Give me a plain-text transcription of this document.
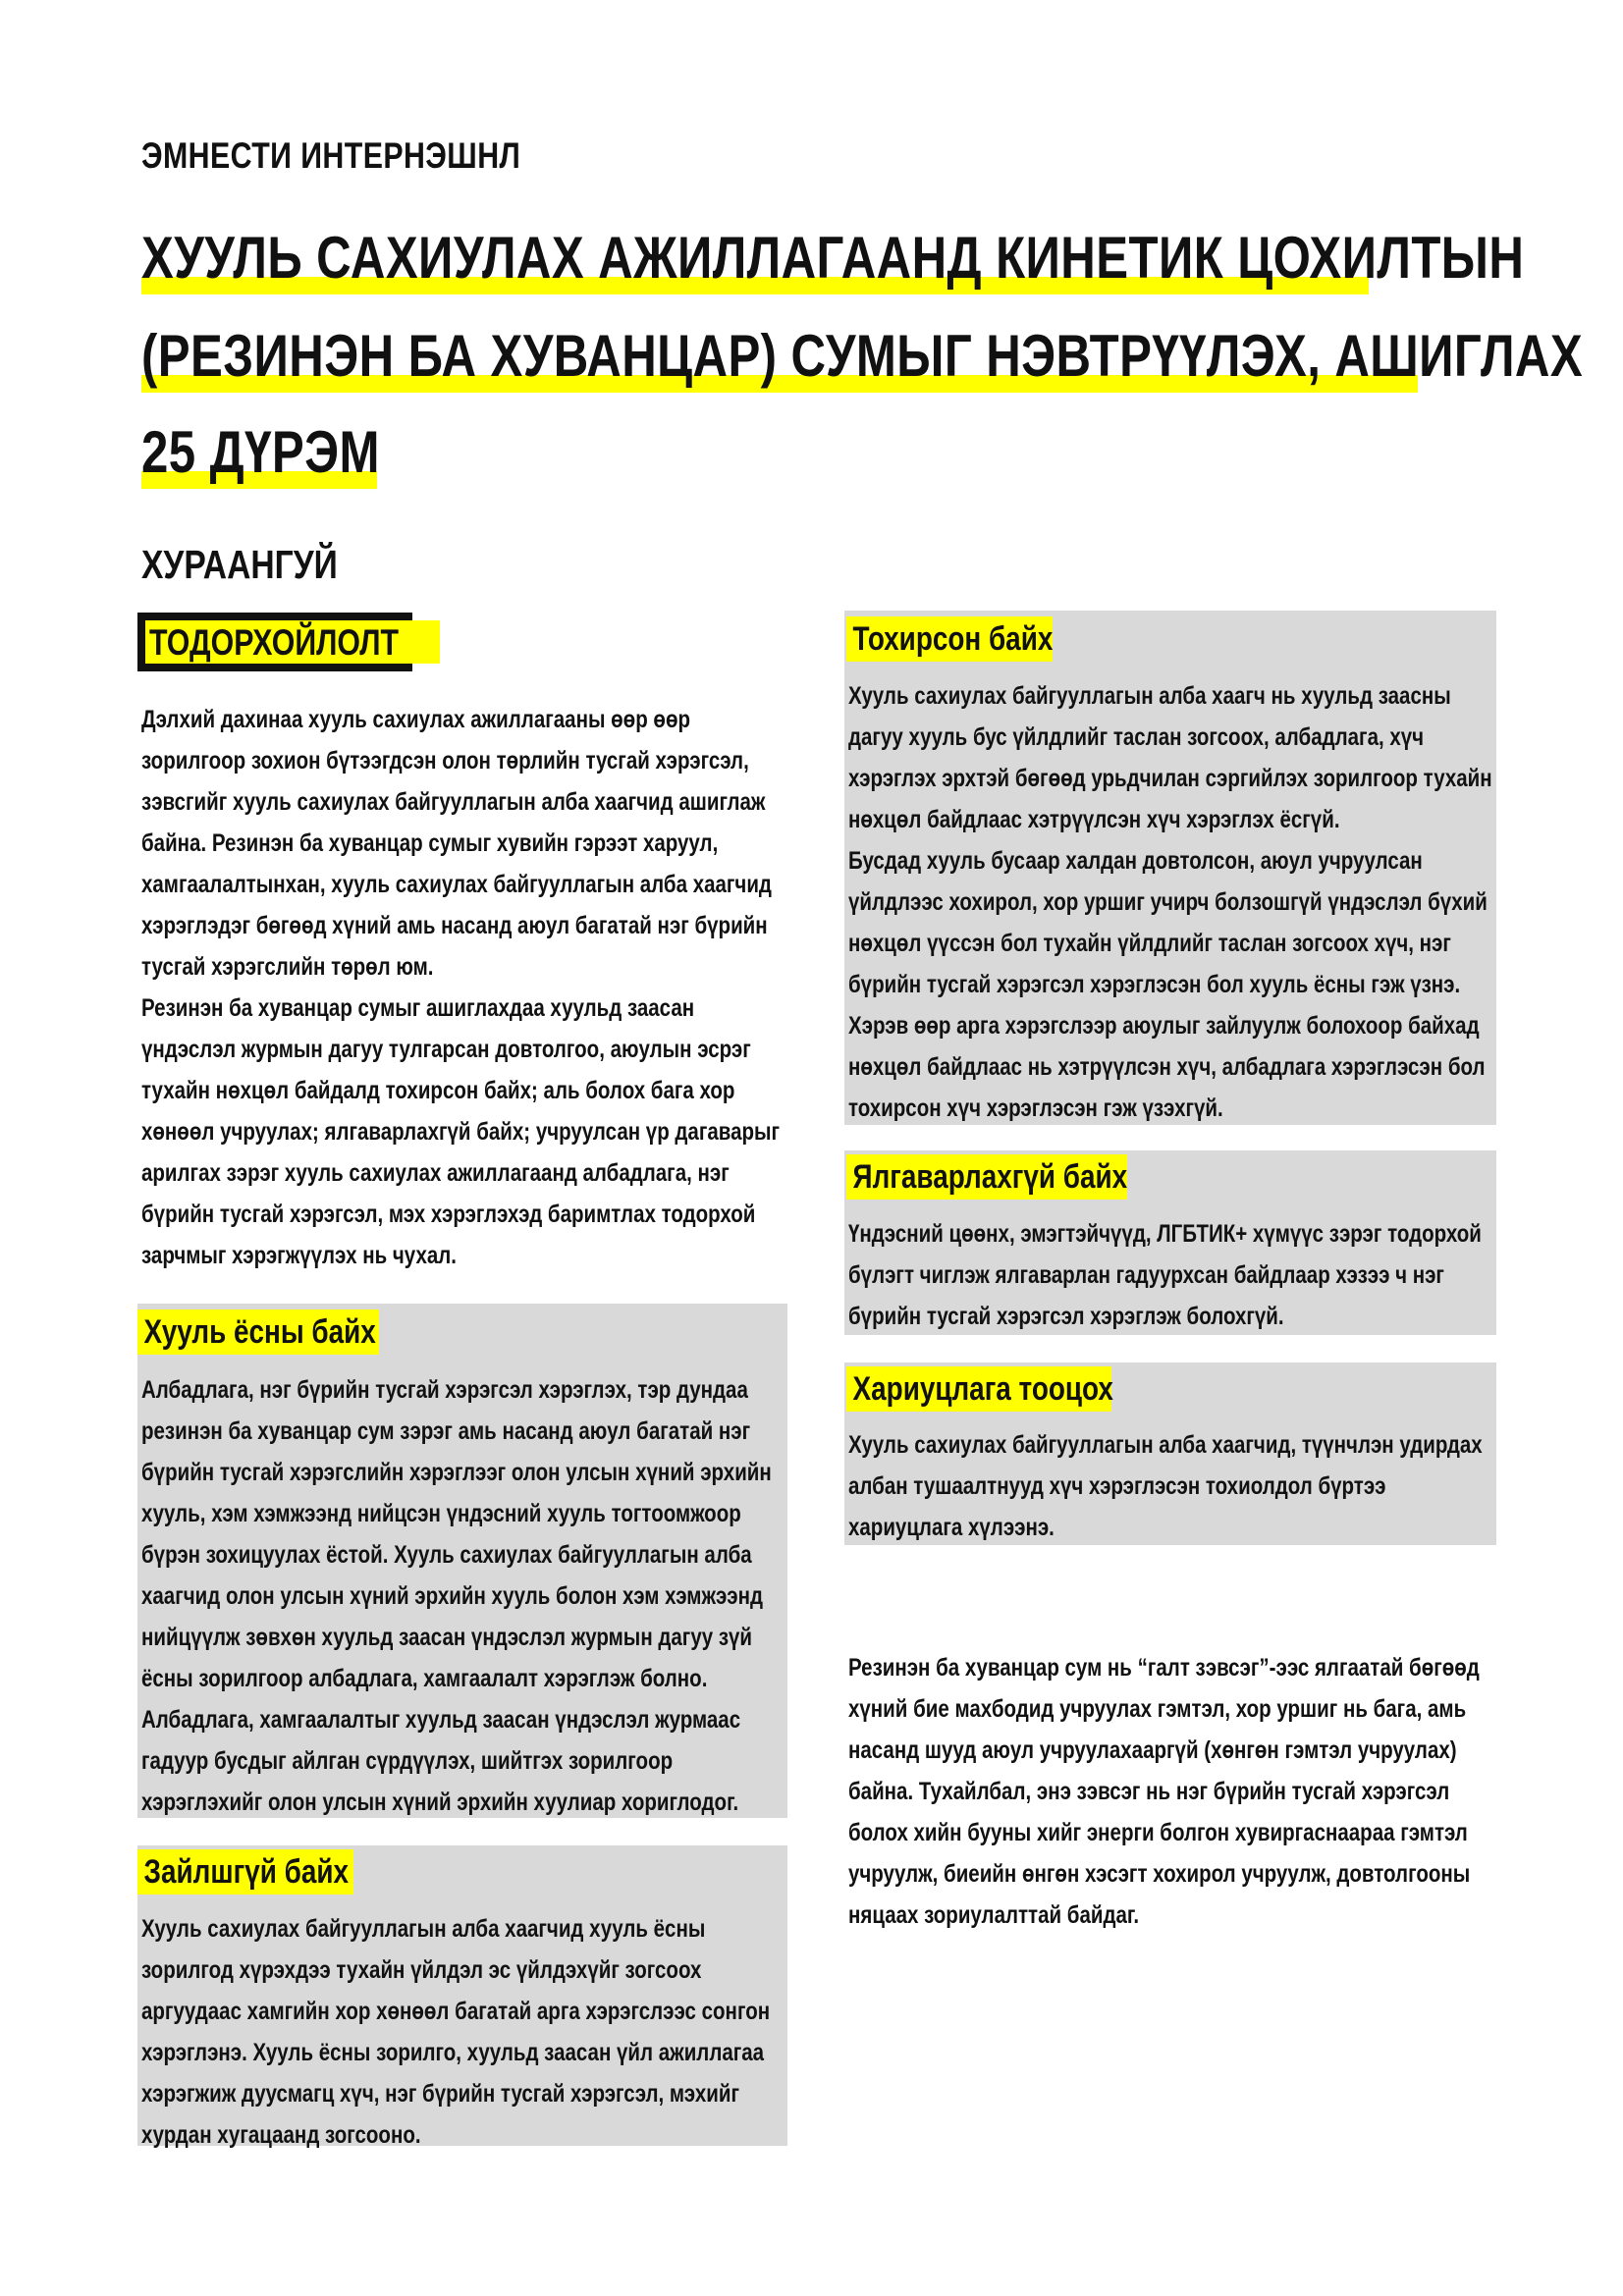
ЭМНЕСТИ ИНТЕРНЭШНЛ
ХУУЛЬ САХИУЛАХ АЖИЛЛАГААНД КИНЕТИК ЦОХИЛТЫН
(РЕЗИНЭН БА ХУВАНЦАР) СУМЫГ НЭВТРҮҮЛЭХ, АШИГЛАХ
25 ДҮРЭМ
ХУРААНГУЙ
ТОДОРХОЙЛОЛТ
Дэлхий дахинаа хууль сахиулах ажиллагааны өөр өөр
зорилгоор зохион бүтээгдсэн олон төрлийн тусгай хэрэгсэл,
зэвсгийг хууль сахиулах байгууллагын алба хаагчид ашиглаж
байна. Резинэн ба хуванцар сумыг хувийн гэрээт харуул,
хамгаалалтынхан, хууль сахиулах байгууллагын алба хаагчид
хэрэглэдэг бөгөөд хүний амь насанд аюул багатай нэг бүрийн
тусгай хэрэгслийн төрөл юм.
Резинэн ба хуванцар сумыг ашиглахдаа хуульд заасан
үндэслэл журмын дагуу тулгарсан довтолгоо, аюулын эсрэг
тухайн нөхцөл байдалд тохирсон байх; аль болох бага хор
хөнөөл учруулах; ялгаварлахгүй байх; учруулсан үр дагаварыг
арилгах зэрэг хууль сахиулах ажиллагаанд албадлага, нэг
бүрийн тусгай хэрэгсэл, мэх хэрэглэхэд баримтлах тодорхой
зарчмыг хэрэгжүүлэх нь чухал.
Хууль ёсны байх
Албадлага, нэг бүрийн тусгай хэрэгсэл хэрэглэх, тэр дундаа
резинэн ба хуванцар сум зэрэг амь насанд аюул багатай нэг
бүрийн тусгай хэрэгслийн хэрэглээг олон улсын хүний эрхийн
хууль, хэм хэмжээнд нийцсэн үндэсний хууль тогтоомжоор
бүрэн зохицуулах ёстой. Хууль сахиулах байгууллагын алба
хаагчид олон улсын хүний эрхийн хууль болон хэм хэмжээнд
нийцүүлж зөвхөн хуульд заасан үндэслэл журмын дагуу зүй
ёсны зорилгоор албадлага, хамгаалалт хэрэглэж болно.
Албадлага, хамгаалалтыг хуульд заасан үндэслэл журмаас
гадуур бусдыг айлган сүрдүүлэх, шийтгэх зорилгоор
хэрэглэхийг олон улсын хүний эрхийн хуулиар хориглодог.
Зайлшгүй байх
Хууль сахиулах байгууллагын алба хаагчид хууль ёсны
зорилгод хүрэхдээ тухайн үйлдэл эс үйлдэхүйг зогсоох
аргуудаас хамгийн хор хөнөөл багатай арга хэрэгслээс сонгон
хэрэглэнэ. Хууль ёсны зорилго, хуульд заасан үйл ажиллагаа
хэрэгжиж дуусмагц хүч, нэг бүрийн тусгай хэрэгсэл, мэхийг
хурдан хугацаанд зогсооно.
Тохирсон байх
Хууль сахиулах байгууллагын алба хаагч нь хуульд заасны
дагуу хууль бус үйлдлийг таслан зогсоох, албадлага, хүч
хэрэглэх эрхтэй бөгөөд урьдчилан сэргийлэх зорилгоор тухайн
нөхцөл байдлаас хэтрүүлсэн хүч хэрэглэх ёсгүй.
Бусдад хууль бусаар халдан довтолсон, аюул учруулсан
үйлдлээс хохирол, хор уршиг учирч болзошгүй үндэслэл бүхий
нөхцөл үүссэн бол тухайн үйлдлийг таслан зогсоох хүч, нэг
бүрийн тусгай хэрэгсэл хэрэглэсэн бол хууль ёсны гэж үзнэ.
Хэрэв өөр арга хэрэгслээр аюулыг зайлуулж болохоор байхад
нөхцөл байдлаас нь хэтрүүлсэн хүч, албадлага хэрэглэсэн бол
тохирсон хүч хэрэглэсэн гэж үзэхгүй.
Ялгаварлахгүй байх
Үндэсний цөөнх, эмэгтэйчүүд, ЛГБТИК+ хүмүүс зэрэг тодорхой
бүлэгт чиглэж ялгаварлан гадуурхсан байдлаар хэзээ ч нэг
бүрийн тусгай хэрэгсэл хэрэглэж болохгүй.
Хариуцлага тооцох
Хууль сахиулах байгууллагын алба хаагчид, түүнчлэн удирдах
албан тушаалтнууд хүч хэрэглэсэн тохиолдол бүртээ
хариуцлага хүлээнэ.
Резинэн ба хуванцар сум нь “галт зэвсэг”-ээс ялгаатай бөгөөд
хүний бие махбодид учруулах гэмтэл, хор уршиг нь бага, амь
насанд шууд аюул учруулахааргүй (хөнгөн гэмтэл учруулах)
байна. Тухайлбал, энэ зэвсэг нь нэг бүрийн тусгай хэрэгсэл
болох хийн бууны хийг энерги болгон хувиргаснаараа гэмтэл
учруулж, биеийн өнгөн хэсэгт хохирол учруулж, довтолгооны
няцаах зориулалттай байдаг.
